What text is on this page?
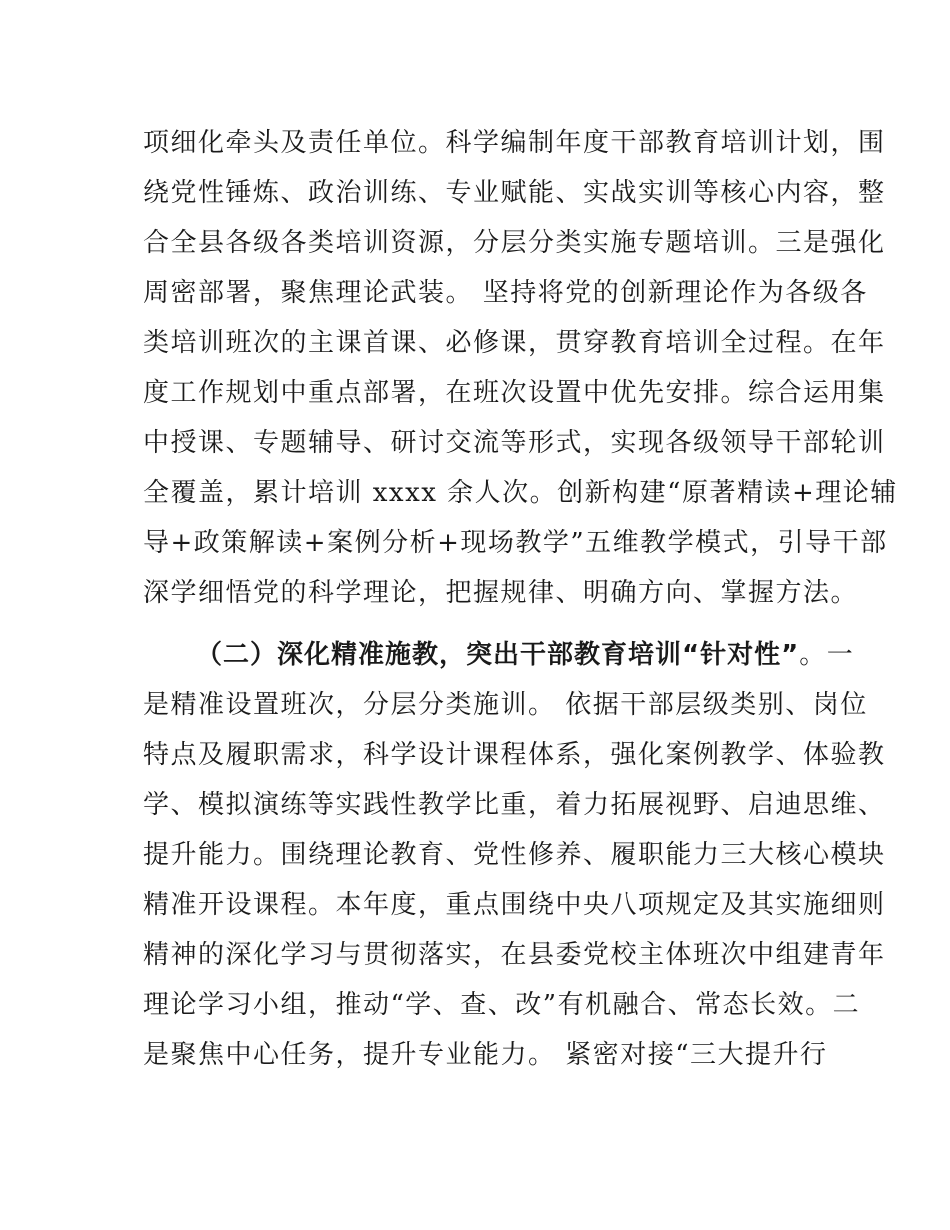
项细化牵头及责任单位。科学编制年度干部教育培训计划，围
绕党性锤炼、政治训练、专业赋能、实战实训等核心内容，整
合全县各级各类培训资源，分层分类实施专题培训。三是强化
周密部署，聚焦理论武装。 坚持将党的创新理论作为各级各
类培训班次的主课首课、必修课，贯穿教育培训全过程。在年
度工作规划中重点部署，在班次设置中优先安排。综合运用集
中授课、专题辅导、研讨交流等形式，实现各级领导干部轮训
全覆盖，累计培训 xxxx 余人次。创新构建“原著精读+理论辅
导+政策解读+案例分析+现场教学”五维教学模式，引导干部
深学细悟党的科学理论，把握规律、明确方向、掌握方法。
（二）深化精准施教，突出干部教育培训“针对性”。一
是精准设置班次，分层分类施训。 依据干部层级类别、岗位
特点及履职需求，科学设计课程体系，强化案例教学、体验教
学、模拟演练等实践性教学比重，着力拓展视野、启迪思维、
提升能力。围绕理论教育、党性修养、履职能力三大核心模块
精准开设课程。本年度，重点围绕中央八项规定及其实施细则
精神的深化学习与贯彻落实，在县委党校主体班次中组建青年
理论学习小组，推动“学、查、改”有机融合、常态长效。二
是聚焦中心任务，提升专业能力。 紧密对接“三大提升行
